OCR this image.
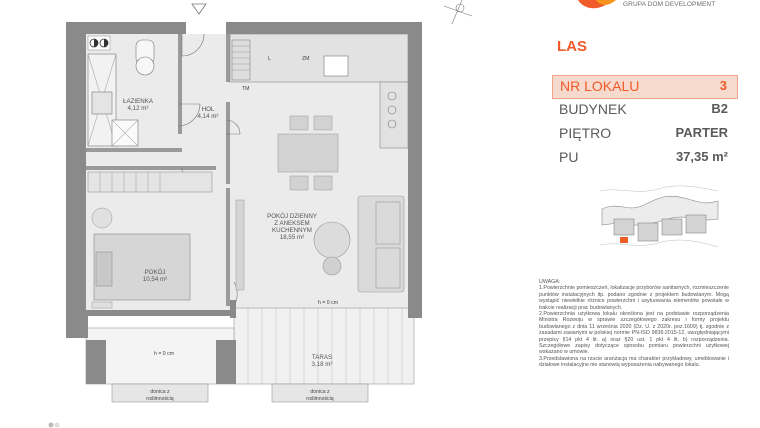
ŁAZIENKA
4,12 m²	HOL
4,14 m²
POKÓJ DZIENNY
Z ANEKSEM
KUCHENNYM
18,55 m²
POKÓJ
10,54 m²
TARAS
3,18 m²
ZM
L
TM
h = 0 cm
h = 0 cm
donica z
roślinnością
donica z
roślinnością
GRUPA DOM DEVELOPMENT
LAS
NR LOKALU	3
BUDYNEK	B2
PIĘTRO	PARTER
PU	37,35 m²

UWAGA:

1.Powierzchnie pomieszczeń, lokalizacje przyborów sanitarnych, rozmieszczenie punktów instalacyjnych itp. podano zgodnie z projektem budowlanym. Mogą wystąpić niewielkie różnice powierzchni i usytuowania elementów powstałe w trakcie realizacji prac budowlanych.

2.Powierzchnia użytkowa lokalu określona jest na podstawie rozporządzenia Ministra Rozwoju w sprawie szczegółowego zakresu i formy projektu budowlanego z dnia 11 września 2020 (Dz. U. z 2020r. poz.1609) tj. zgodnie z zasadami zawartymi w polskiej normie PN-ISO 9836:2015-12, uwzględniającymi przepisy §14 pkt 4 lit. a) oraz §20 ust. 1 pkt 4 lit. b) rozporządzenia. Szczegółowe zapisy dotyczące sposobu pomiaru powierzchni użytkowej wskazano w umowie.

3.Przedstawiona na rzucie aranżacja ma charakter przykładowy, umeblowanie i działowe instalacyjne nie stanowią wyposażenia nabywanego lokalu.
